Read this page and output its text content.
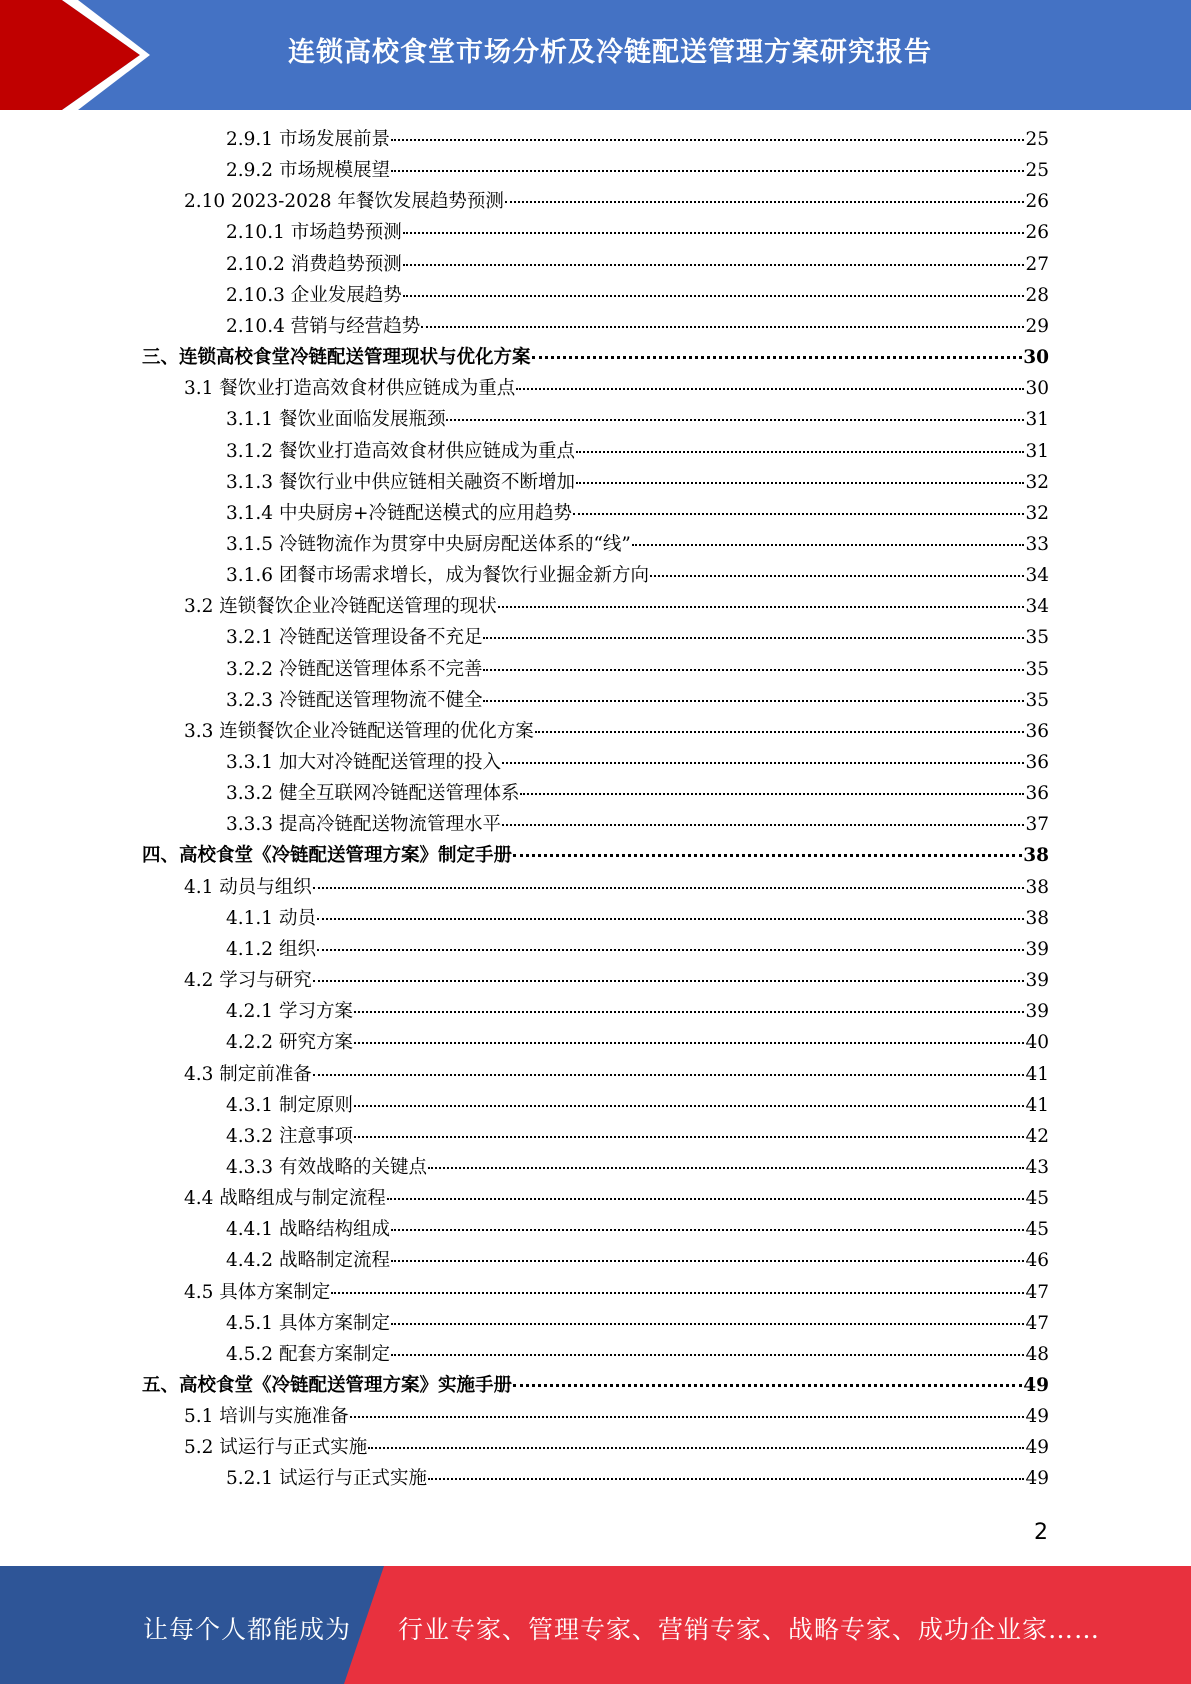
连锁高校食堂市场分析及冷链配送管理方案研究报告
2.9.1 市场发展前景	25
2.9.2 市场规模展望	25
2.10 2023-2028 年餐饮发展趋势预测	26
2.10.1 市场趋势预测	26
2.10.2 消费趋势预测	27
2.10.3 企业发展趋势	28
2.10.4 营销与经营趋势	29
三、连锁高校食堂冷链配送管理现状与优化方案	30
3.1 餐饮业打造高效食材供应链成为重点	30
3.1.1 餐饮业面临发展瓶颈	31
3.1.2 餐饮业打造高效食材供应链成为重点	31
3.1.3 餐饮行业中供应链相关融资不断增加	32
3.1.4 中央厨房+冷链配送模式的应用趋势	32
3.1.5 冷链物流作为贯穿中央厨房配送体系的“线”	33
3.1.6 团餐市场需求增长，成为餐饮行业掘金新方向	34
3.2 连锁餐饮企业冷链配送管理的现状	34
3.2.1 冷链配送管理设备不充足	35
3.2.2 冷链配送管理体系不完善	35
3.2.3 冷链配送管理物流不健全	35
3.3 连锁餐饮企业冷链配送管理的优化方案	36
3.3.1 加大对冷链配送管理的投入	36
3.3.2 健全互联网冷链配送管理体系	36
3.3.3 提高冷链配送物流管理水平	37
四、高校食堂《冷链配送管理方案》制定手册	38
4.1 动员与组织	38
4.1.1 动员	38
4.1.2 组织	39
4.2 学习与研究	39
4.2.1 学习方案	39
4.2.2 研究方案	40
4.3 制定前准备	41
4.3.1 制定原则	41
4.3.2 注意事项	42
4.3.3 有效战略的关键点	43
4.4 战略组成与制定流程	45
4.4.1 战略结构组成	45
4.4.2 战略制定流程	46
4.5 具体方案制定	47
4.5.1 具体方案制定	47
4.5.2 配套方案制定	48
五、高校食堂《冷链配送管理方案》实施手册	49
5.1 培训与实施准备	49
5.2 试运行与正式实施	49
5.2.1 试运行与正式实施	49
2
让每个人都能成为 行业专家、管理专家、营销专家、战略专家、成功企业家……
